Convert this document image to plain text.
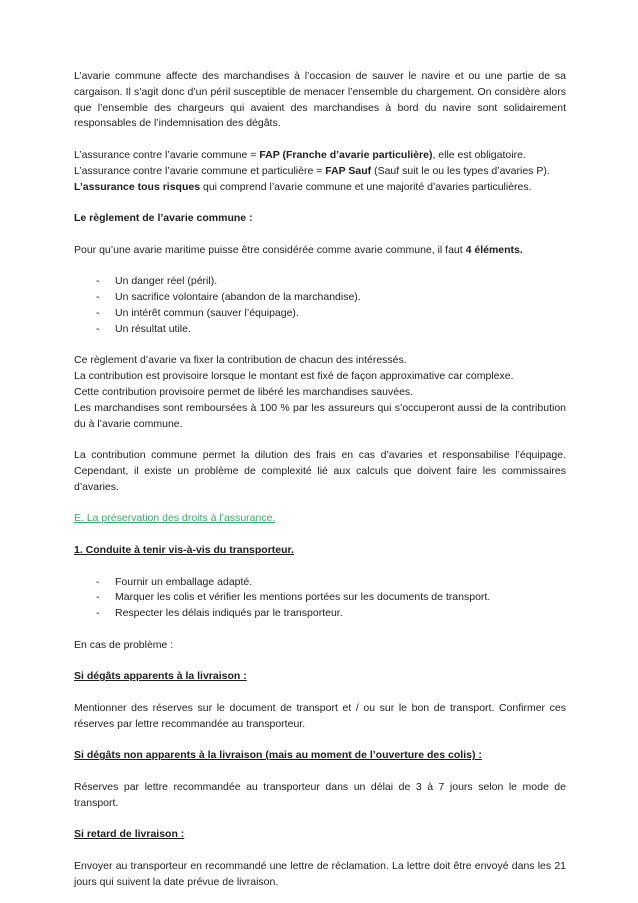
L’avarie commune affecte des marchandises à l’occasion de sauver le navire et ou une partie de sa cargaison. Il s’agit donc d’un péril susceptible de menacer l’ensemble du chargement. On considère alors que l’ensemble des chargeurs qui avaient des marchandises à bord du navire sont solidairement responsables de l’indemnisation des dégâts.

L’assurance contre l’avarie commune = FAP (Franche d’avarie particulière), elle est obligatoire.
L’assurance contre l’avarie commune et particulière = FAP Sauf (Sauf suit le ou les types d’avaries P).
L’assurance tous risques qui comprend l’avarie commune et une majorité d’avaries particulières.

Le règlement de l’avarie commune :

Pour qu’une avarie maritime puisse être considérée comme avarie commune, il faut 4 éléments.

-	Un danger réel (péril).
-	Un sacrifice volontaire (abandon de la marchandise).
-	Un intérêt commun (sauver l’équipage).
-	Un résultat utile.
Ce règlement d’avarie va fixer la contribution de chacun des intéressés.
La contribution est provisoire lorsque le montant est fixé de façon approximative car complexe.
Cette contribution provisoire permet de libéré les marchandises sauvées.
Les marchandises sont remboursées à 100 % par les assureurs qui s’occuperont aussi de la contribution du à l’avarie commune.

La contribution commune permet la dilution des frais en cas d’avaries et responsabilise l’équipage. Cependant, il existe un problème de complexité lié aux calculs que doivent faire les commissaires d’avaries.

E. La préservation des droits à l’assurance.

1. Conduite à tenir vis-à-vis du transporteur.

-	Fournir un emballage adapté.
-	Marquer les colis et vérifier les mentions portées sur les documents de transport.
-	Respecter les délais indiqués par le transporteur.

En cas de problème :

Si dégâts apparents à la livraison :

Mentionner des réserves sur le document de transport et / ou sur le bon de transport. Confirmer ces réserves par lettre recommandée au transporteur.

Si dégâts non apparents à la livraison (mais au moment de l’ouverture des colis) :

Réserves par lettre recommandée au transporteur dans un délai de 3 à 7 jours selon le mode de transport.

Si retard de livraison :

Envoyer au transporteur en recommandé une lettre de réclamation. La lettre doit être envoyé dans les 21 jours qui suivent la date prévue de livraison.
